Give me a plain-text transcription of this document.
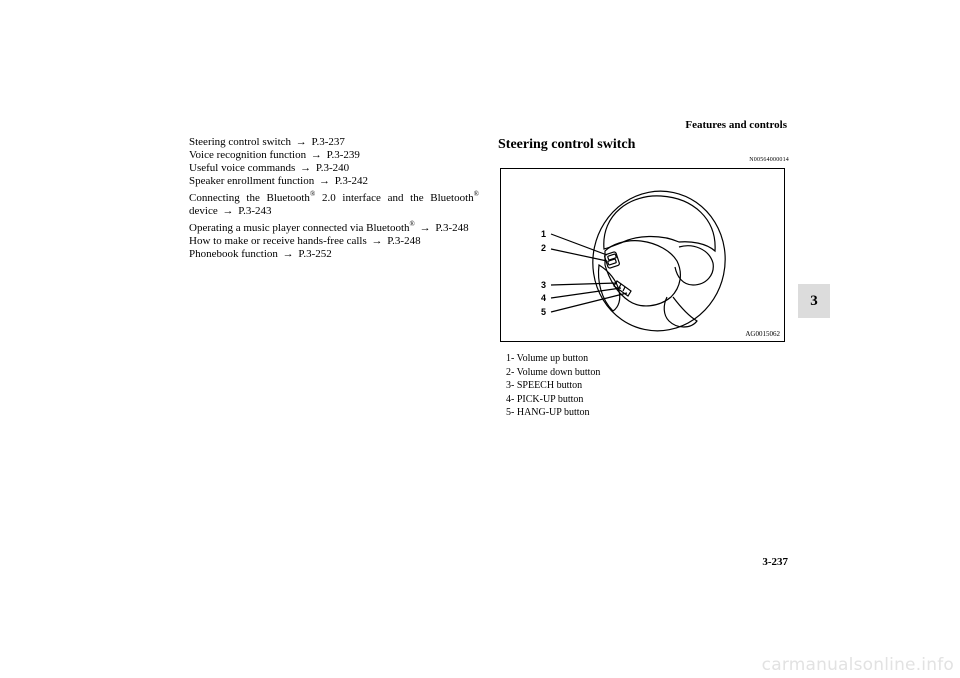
Features and controls
3
Steering control switch → P.3-237
Voice recognition function → P.3-239
Useful voice commands → P.3-240
Speaker enrollment function → P.3-242
Connecting the Bluetooth® 2.0 interface and the Bluetooth®
device → P.3-243
Operating a music player connected via Bluetooth® → P.3-248
How to make or receive hands-free calls → P.3-248
Phonebook function → P.3-252
Steering control switch
N00564000014
1
2
3
4
5
AG0015062
1- Volume up button
2- Volume down button
3- SPEECH button
4- PICK-UP button
5- HANG-UP button
3-237
carmanualsonline.info
